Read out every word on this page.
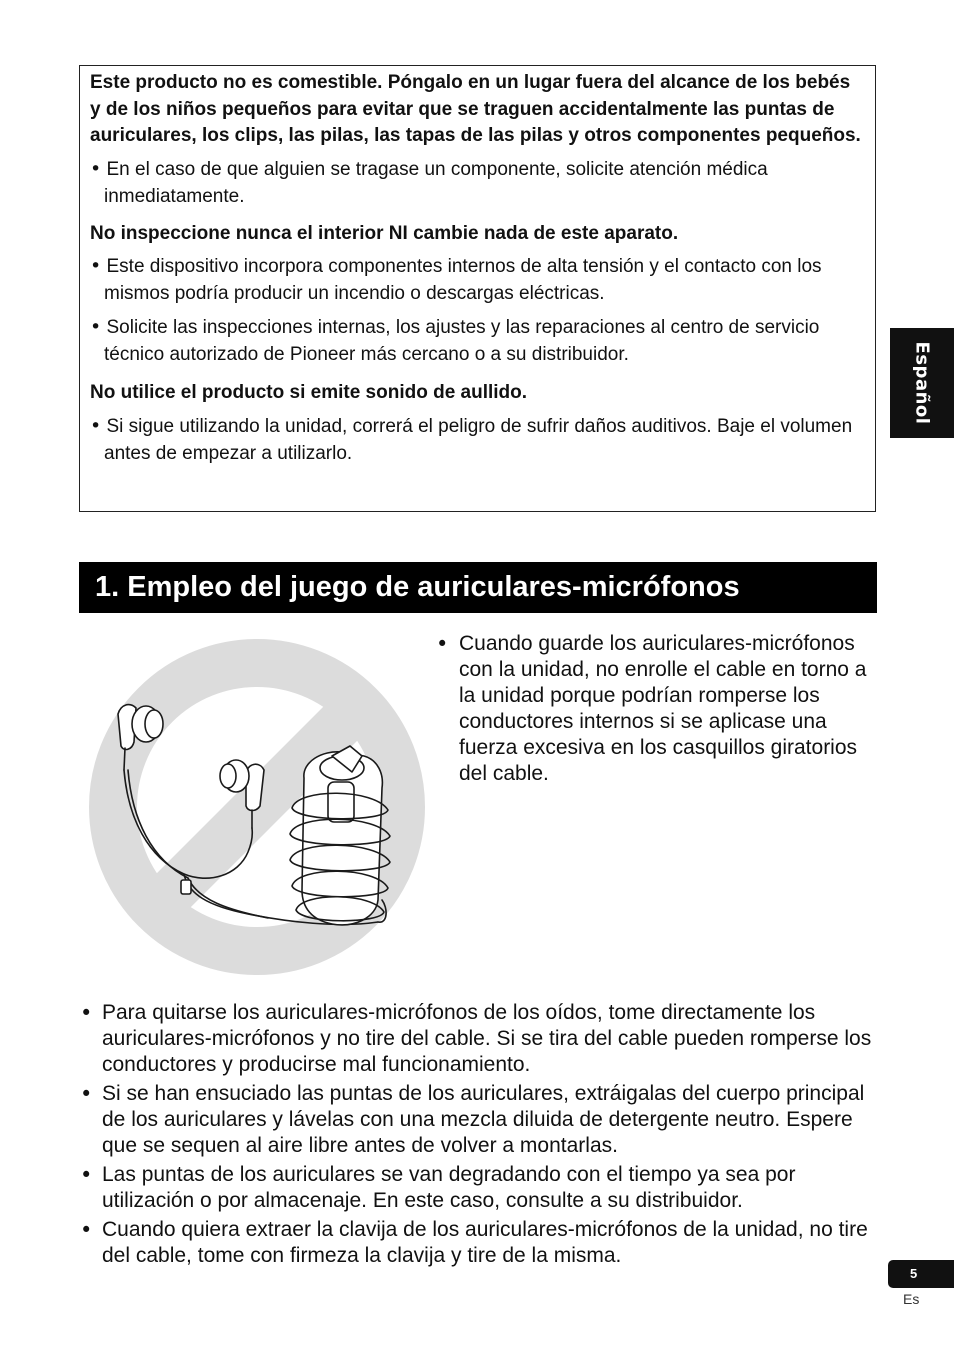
Este producto no es comestible. Póngalo en un lugar fuera del alcance de los bebés y de los niños pequeños para evitar que se traguen accidentalmente las puntas de auriculares, los clips, las pilas, las tapas de las pilas y otros componentes pequeños.

• En el caso de que alguien se tragase un componente, solicite atención médica inmediatamente.

No inspeccione nunca el interior NI cambie nada de este aparato.

• Este dispositivo incorpora componentes internos de alta tensión y el contacto con los mismos podría producir un incendio o descargas eléctricas.

• Solicite las inspecciones internas, los ajustes y las reparaciones al centro de servicio técnico autorizado de Pioneer más cercano o a su distribuidor.

No utilice el producto si emite sonido de aullido.

• Si sigue utilizando la unidad, correrá el peligro de sufrir daños auditivos. Baje el volumen antes de empezar a utilizarlo.

Español
1. Empleo del juego de auriculares-micrófonos
• Cuando guarde los auriculares-micrófonos con la unidad, no enrolle el cable en torno a la unidad porque podrían romperse los conductores internos si se aplicase una fuerza excesiva en los casquillos giratorios del cable.
• Para quitarse los auriculares-micrófonos de los oídos, tome directamente los auriculares-micrófonos y no tire del cable. Si se tira del cable pueden romperse los conductores y producirse mal funcionamiento.
• Si se han ensuciado las puntas de los auriculares, extráigalas del cuerpo principal de los auriculares y lávelas con una mezcla diluida de detergente neutro. Espere que se sequen al aire libre antes de volver a montarlas.
• Las puntas de los auriculares se van degradando con el tiempo ya sea por utilización o por almacenaje. En este caso, consulte a su distribuidor.
• Cuando quiera extraer la clavija de los auriculares-micrófonos de la unidad, no tire del cable, tome con firmeza la clavija y tire de la misma.
5
Es
